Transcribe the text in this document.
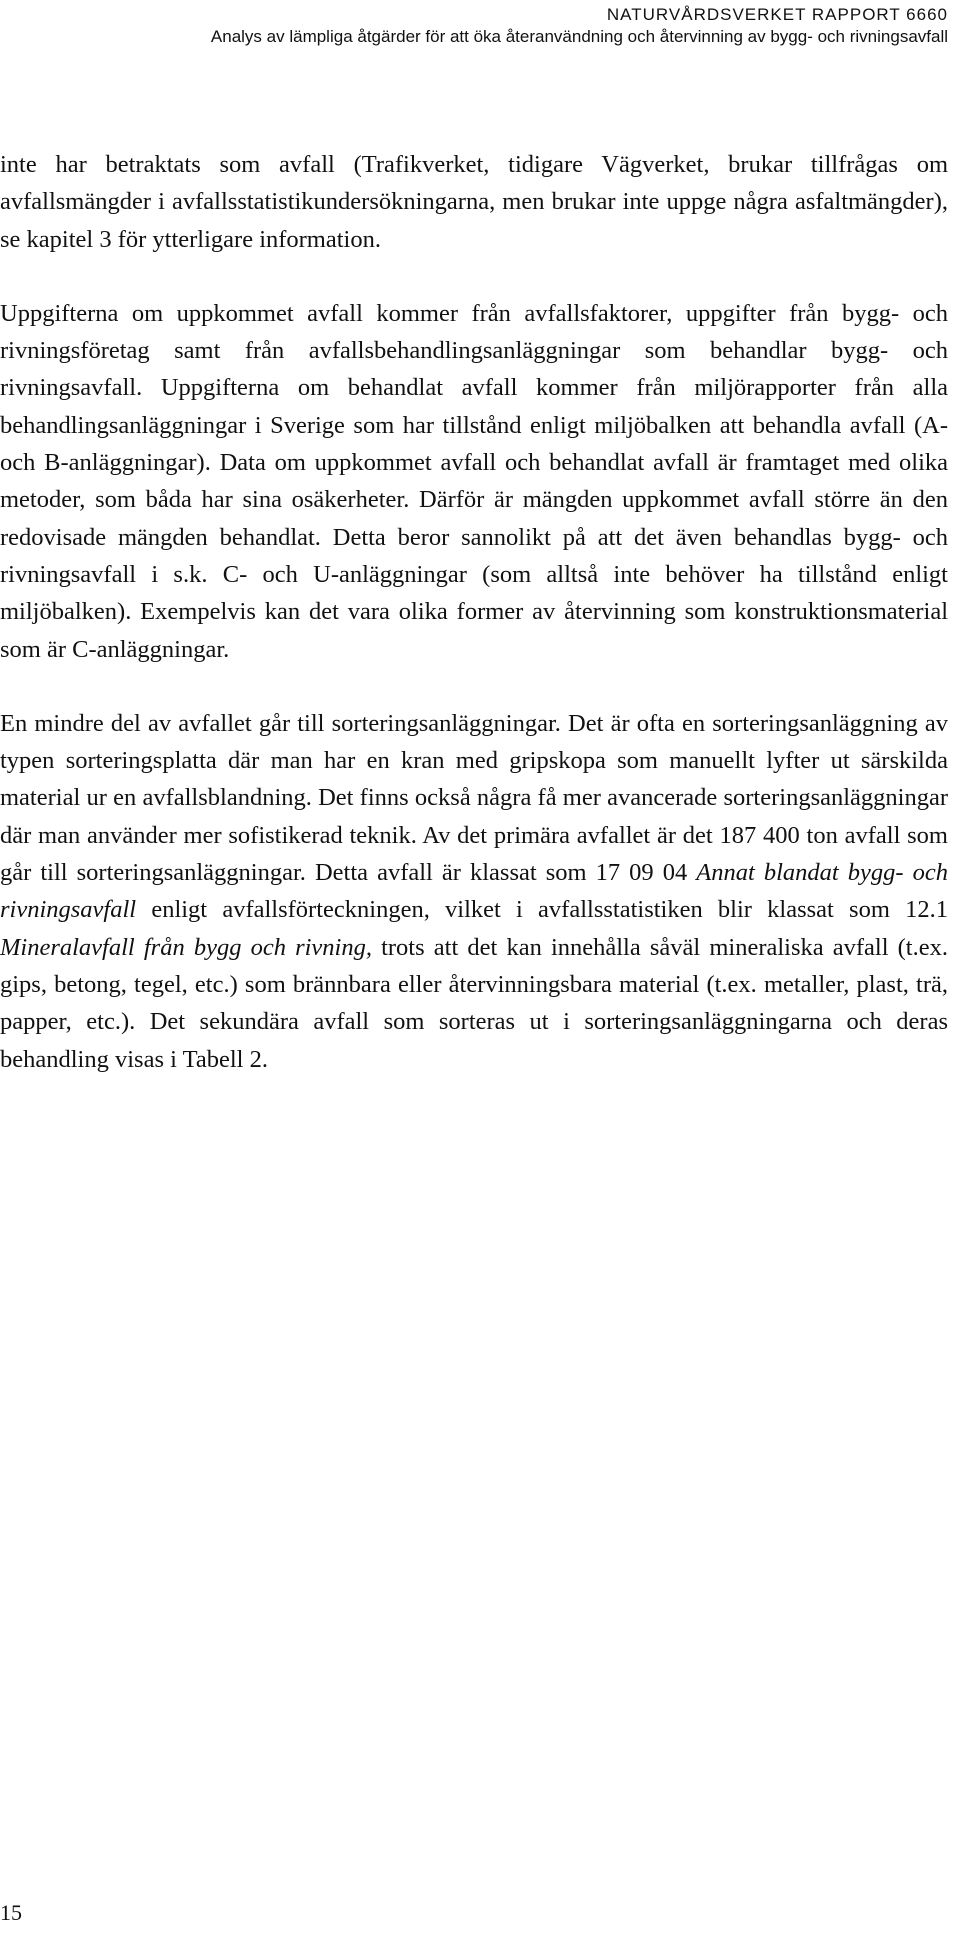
NATURVÅRDSVERKET RAPPORT 6660
Analys av lämpliga åtgärder för att öka återanvändning och återvinning av bygg- och rivningsavfall

inte har betraktats som avfall (Trafikverket, tidigare Vägverket, brukar tillfrågas om avfallsmängder i avfallsstatistikundersökningarna, men brukar inte uppge några asfaltmängder), se kapitel 3 för ytterligare information.

Uppgifterna om uppkommet avfall kommer från avfallsfaktorer, uppgifter från bygg- och rivningsföretag samt från avfallsbehandlingsanläggningar som behandlar bygg- och rivningsavfall. Uppgifterna om behandlat avfall kommer från miljörapporter från alla behandlingsanläggningar i Sverige som har tillstånd enligt miljöbalken att behandla avfall (A- och B-anläggningar). Data om uppkommet avfall och behandlat avfall är framtaget med olika metoder, som båda har sina osäkerheter. Därför är mängden uppkommet avfall större än den redovisade mängden behandlat. Detta beror sannolikt på att det även behandlas bygg- och rivningsavfall i s.k. C- och U-anläggningar (som alltså inte behöver ha tillstånd enligt miljöbalken). Exempelvis kan det vara olika former av återvinning som konstruktionsmaterial som är C-anläggningar.

En mindre del av avfallet går till sorteringsanläggningar. Det är ofta en sorteringsanläggning av typen sorteringsplatta där man har en kran med gripskopa som manuellt lyfter ut särskilda material ur en avfallsblandning. Det finns också några få mer avancerade sorteringsanläggningar där man använder mer sofistikerad teknik. Av det primära avfallet är det 187 400 ton avfall som går till sorteringsanläggningar. Detta avfall är klassat som 17 09 04 Annat blandat bygg- och rivningsavfall enligt avfallsförteckningen, vilket i avfallsstatistiken blir klassat som 12.1 Mineralavfall från bygg och rivning, trots att det kan innehålla såväl mineraliska avfall (t.ex. gips, betong, tegel, etc.) som brännbara eller återvinningsbara material (t.ex. metaller, plast, trä, papper, etc.). Det sekundära avfall som sorteras ut i sorteringsanläggningarna och deras behandling visas i Tabell 2.

15
